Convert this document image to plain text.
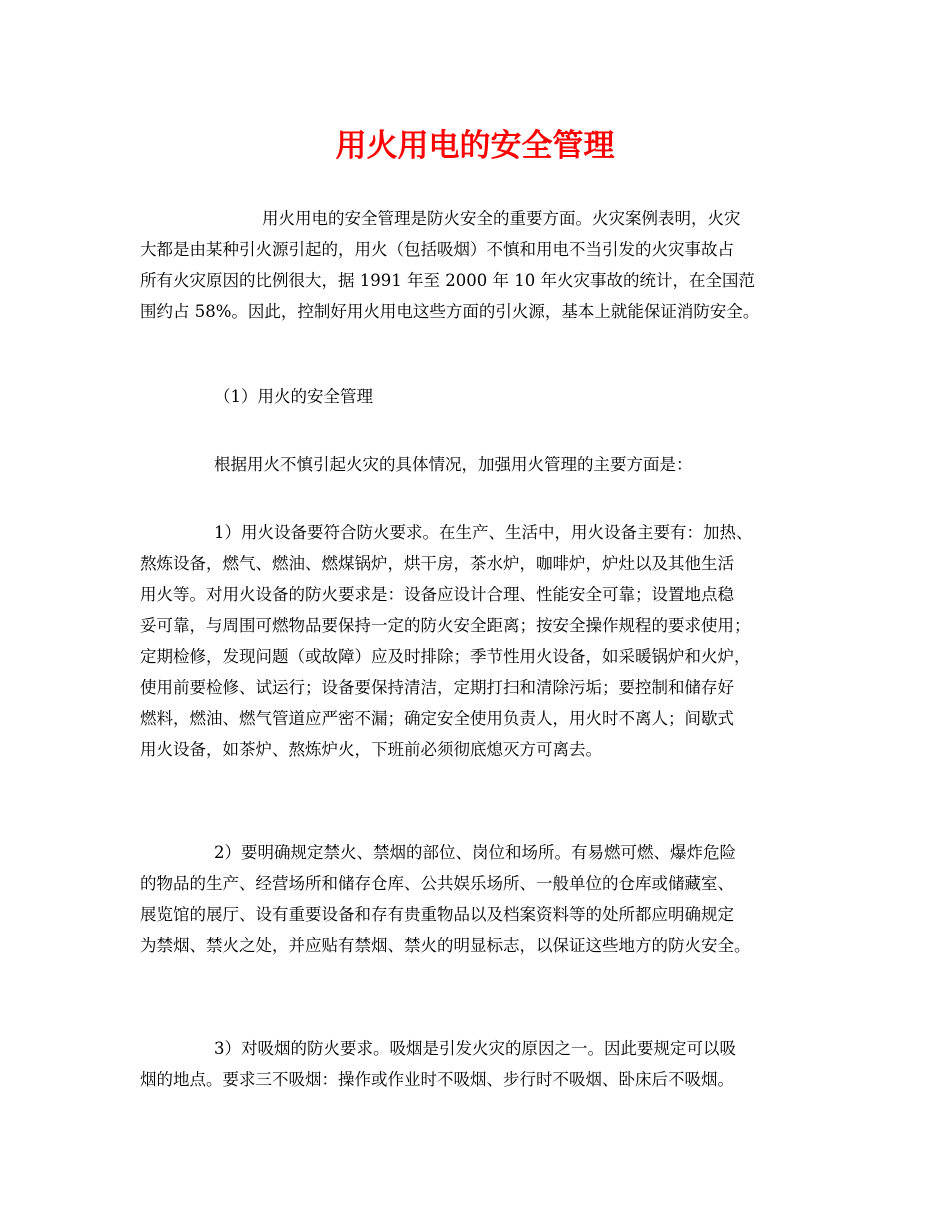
用火用电的安全管理
用火用电的安全管理是防火安全的重要方面。火灾案例表明，火灾
大都是由某种引火源引起的，用火（包括吸烟）不慎和用电不当引发的火灾事故占
所有火灾原因的比例很大，据 1991 年至 2000 年 10 年火灾事故的统计，在全国范
围约占 58%。因此，控制好用火用电这些方面的引火源，基本上就能保证消防安全。
（1）用火的安全管理
根据用火不慎引起火灾的具体情况，加强用火管理的主要方面是：
1）用火设备要符合防火要求。在生产、生活中，用火设备主要有：加热、
熬炼设备，燃气、燃油、燃煤锅炉，烘干房，茶水炉，咖啡炉，炉灶以及其他生活
用火等。对用火设备的防火要求是：设备应设计合理、性能安全可靠；设置地点稳
妥可靠，与周围可燃物品要保持一定的防火安全距离；按安全操作规程的要求使用；
定期检修，发现问题（或故障）应及时排除；季节性用火设备，如采暖锅炉和火炉，
使用前要检修、试运行；设备要保持清洁，定期打扫和清除污垢；要控制和储存好
燃料，燃油、燃气管道应严密不漏；确定安全使用负责人，用火时不离人；间歇式
用火设备，如茶炉、熬炼炉火，下班前必须彻底熄灭方可离去。
2）要明确规定禁火、禁烟的部位、岗位和场所。有易燃可燃、爆炸危险
的物品的生产、经营场所和储存仓库、公共娱乐场所、一般单位的仓库或储藏室、
展览馆的展厅、设有重要设备和存有贵重物品以及档案资料等的处所都应明确规定
为禁烟、禁火之处，并应贴有禁烟、禁火的明显标志，以保证这些地方的防火安全。
3）对吸烟的防火要求。吸烟是引发火灾的原因之一。因此要规定可以吸
烟的地点。要求三不吸烟：操作或作业时不吸烟、步行时不吸烟、卧床后不吸烟。
